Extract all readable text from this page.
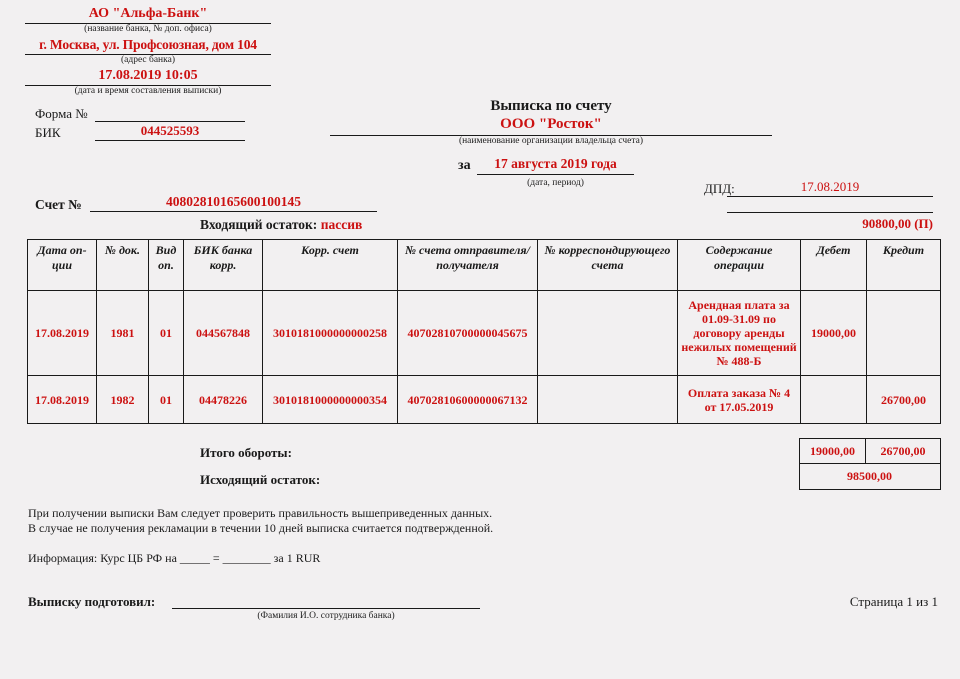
АО "Альфа-Банк"
(название банка, № доп. офиса)
г. Москва, ул. Профсоюзная, дом 104
(адрес банка)
17.08.2019 10:05
(дата и время составления выписки)
Форма №
БИК	044525593
Выписка по счету
ООО "Росток"
(наименование организации владельца счета)
за	17 августа 2019 года
(дата, период)	ДПД:	17.08.2019
Счет №	40802810165600100145
Входящий остаток: пассив	90800,00 (П)
Дата оп-ции	№ док.	Вид оп.	БИК банка корр.	Корр. счет	№ счета отправителя/ получателя	№ корреспондирующего счета	Содержание операции	Дебет	Кредит
17.08.2019	1981	01	044567848	3010181000000000258	40702810700000045675		Арендная плата за 01.09-31.09 по договору аренды нежилых помещений № 488-Б	19000,00	
17.08.2019	1982	01	04478226	3010181000000000354	40702810600000067132		Оплата заказа № 4 от 17.05.2019		26700,00
Итого обороты:
Исходящий остаток:
19000,00	26700,00
98500,00
При получении выписки Вам следует проверить правильность вышеприведенных данных.
В случае не получения рекламации в течении 10 дней выписка считается подтвержденной.
Информация: Курс ЦБ РФ на _____ = ________ за 1 RUR
Выписку подготовил:
(Фамилия И.О. сотрудника банка)
Страница 1 из 1
